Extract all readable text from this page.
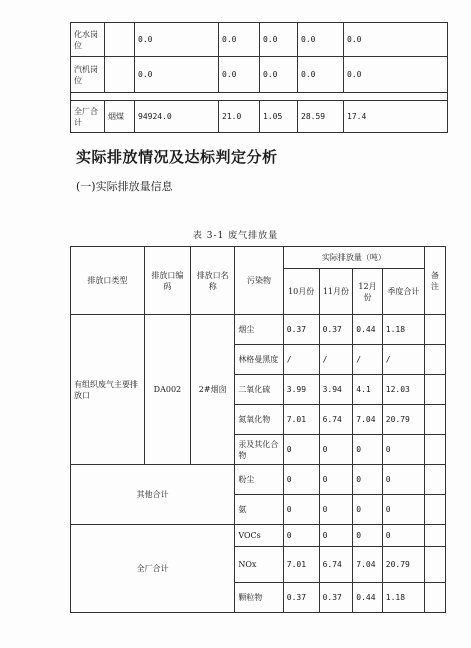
化水岗位		0.0	0.0	0.0	0.0	0.0
汽机岗位		0.0	0.0	0.0	0.0	0.0

全厂合计	烟煤	94924.0	21.0	1.05	28.59	17.4
实际排放情况及达标判定分析
(一)实际排放量信息
表 3-1 废气排放量
排放口类型	排放口编码	排放口名称	污染物	实际排放量（吨）				备注
				10月份	11月份	12月份	季度合计	
有组织废气主要排放口	DA002	2#烟囱	烟尘	0.37	0.37	0.44	1.18	
			林格曼黑度	/	/	/	/	
			二氧化硫	3.99	3.94	4.1	12.03	
			氮氧化物	7.01	6.74	7.04	20.79	
			汞及其化合物	0	0	0	0	
其他合计			粉尘	0	0	0	0	
			氨	0	0	0	0	
全厂合计			VOCs	0	0	0	0	
			NOx	7.01	6.74	7.04	20.79	
			颗粒物	0.37	0.37	0.44	1.18	
